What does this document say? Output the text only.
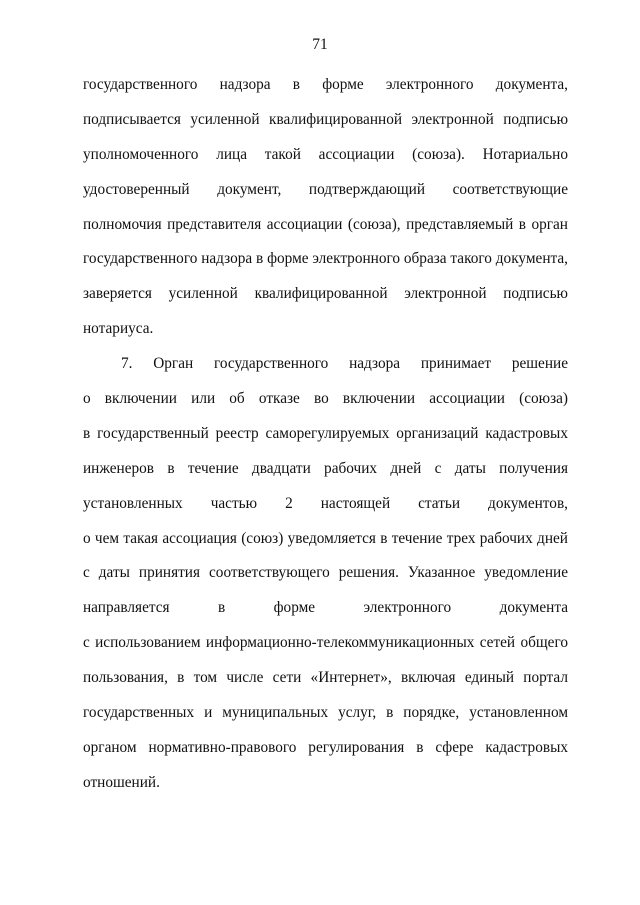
71
государственного надзора в форме электронного документа,
подписывается усиленной квалифицированной электронной подписью
уполномоченного лица такой ассоциации (союза). Нотариально
удостоверенный документ, подтверждающий соответствующие
полномочия представителя ассоциации (союза), представляемый в орган
государственного надзора в форме электронного образа такого документа,
заверяется усиленной квалифицированной электронной подписью
нотариуса.
7. Орган государственного надзора принимает решение
о включении или об отказе во включении ассоциации (союза)
в государственный реестр саморегулируемых организаций кадастровых
инженеров в течение двадцати рабочих дней с даты получения
установленных частью 2 настоящей статьи документов,
о чем такая ассоциация (союз) уведомляется в течение трех рабочих дней
с даты принятия соответствующего решения. Указанное уведомление
направляется в форме электронного документа
с использованием информационно-телекоммуникационных сетей общего
пользования, в том числе сети «Интернет», включая единый портал
государственных и муниципальных услуг, в порядке, установленном
органом нормативно-правового регулирования в сфере кадастровых
отношений.
